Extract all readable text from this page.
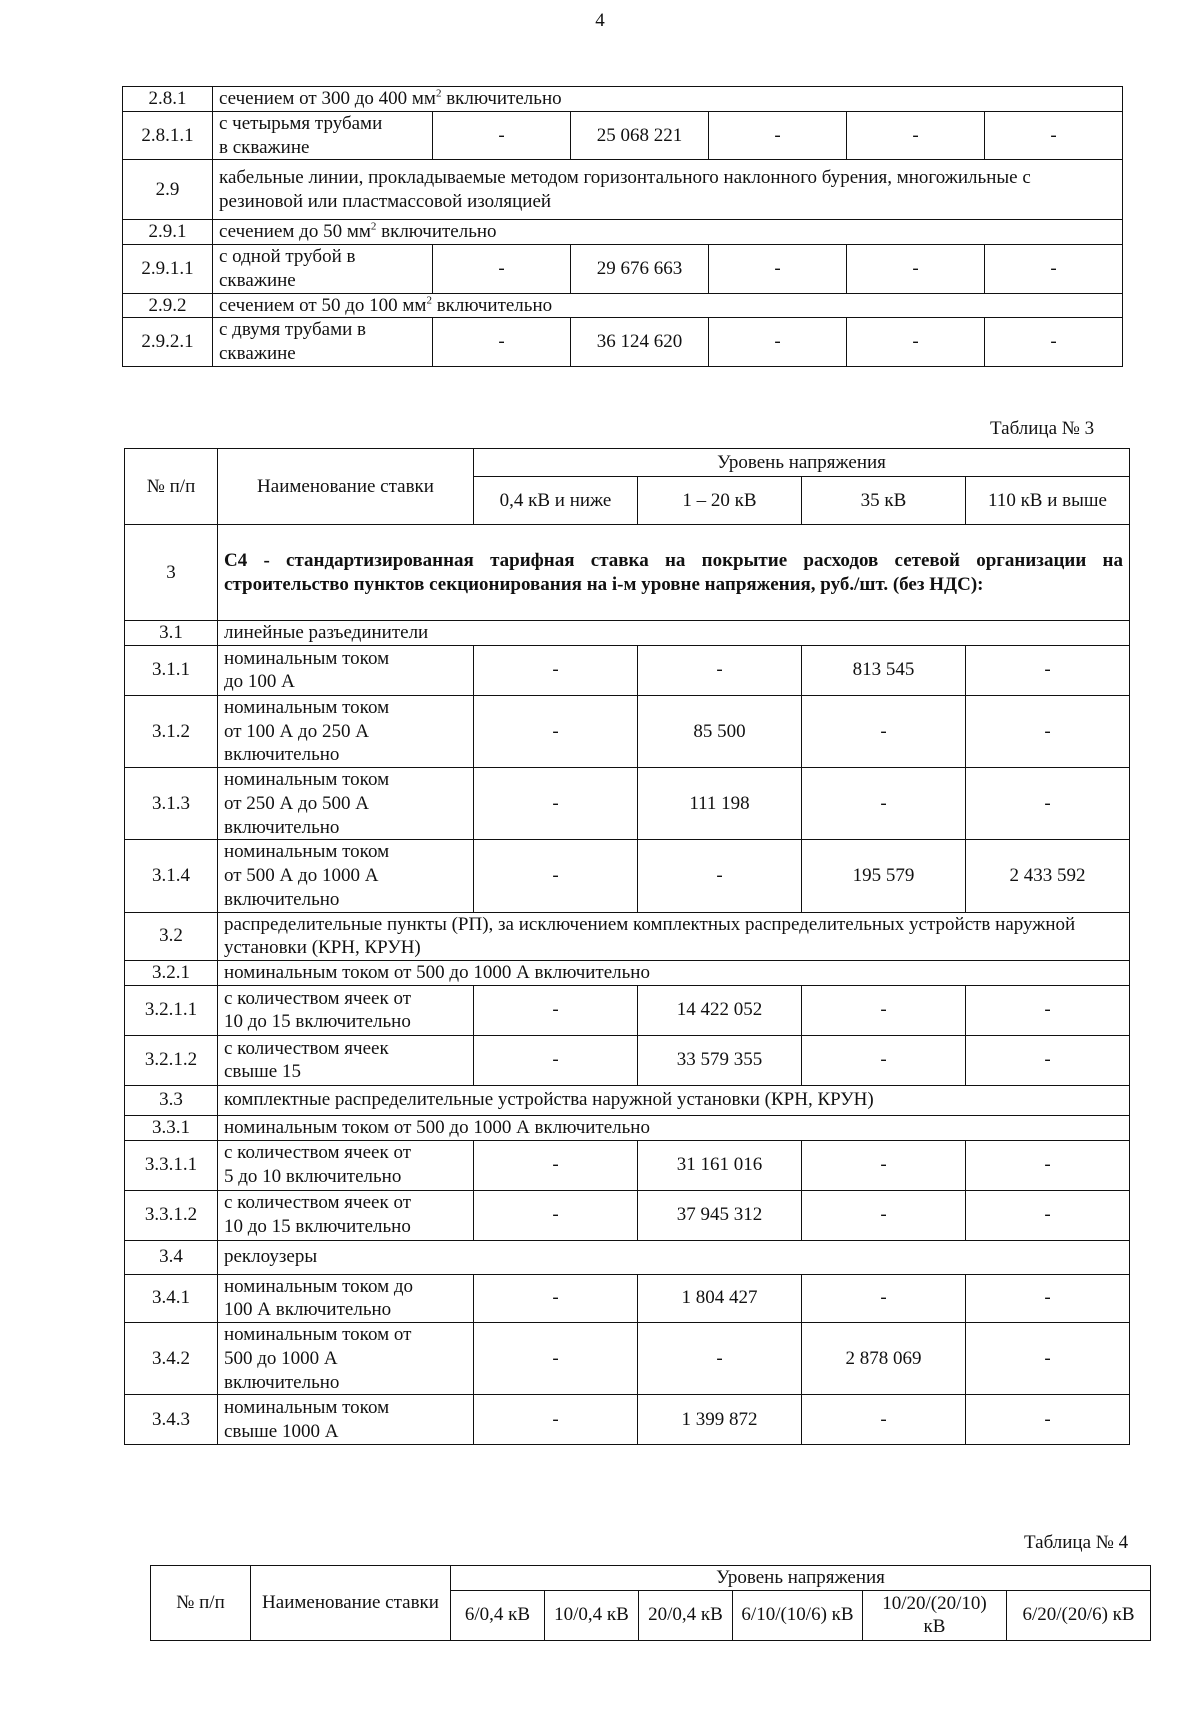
4
2.8.1	сечением от 300 до 400 $мм^2$ включительно					
2.8.1.1	с четырьмя трубами
в скважине	-	25 068 221	-	-	-
2.9	кабельные линии, прокладываемые методом горизонтального наклонного бурения, многожильные с резиновой или пластмассовой изоляцией					
2.9.1	сечением до 50 $мм^2$ включительно					
2.9.1.1	с одной трубой в
скважине	-	29 676 663	-	-	-
2.9.2	сечением от 50 до 100 $мм^2$ включительно					
2.9.2.1	с двумя трубами в
скважине	-	36 124 620	-	-	-
Таблица № 3
№ п/п	Наименование ставки	Уровень напряжения			
		0,4 кВ и ниже	1 – 20 кВ	35 кВ	110 кВ и выше
3	С4 - стандартизированная тарифная ставка на покрытие расходов сетевой организации на строительство пунктов секционирования на i-м уровне напряжения, руб./шт. (без НДС):				
3.1	линейные разъединители				
3.1.1	номинальным током
до 100 А	-	-	813 545	-
3.1.2	номинальным током
от 100 А до 250 А
включительно	-	85 500	-	-
3.1.3	номинальным током
от 250 А до 500 А
включительно	-	111 198	-	-
3.1.4	номинальным током
от 500 А до 1000 А
включительно	-	-	195 579	2 433 592
3.2	распределительные пункты (РП), за исключением комплектных распределительных устройств наружной установки (КРН, КРУН)				
3.2.1	номинальным током от 500 до 1000 А включительно				
3.2.1.1	с количеством ячеек от
10 до 15 включительно	-	14 422 052	-	-
3.2.1.2	с количеством ячеек
свыше 15	-	33 579 355	-	-
3.3	комплектные распределительные устройства наружной установки (КРН, КРУН)				
3.3.1	номинальным током от 500 до 1000 А включительно				
3.3.1.1	с количеством ячеек от
5 до 10 включительно	-	31 161 016	-	-
3.3.1.2	с количеством ячеек от
10 до 15 включительно	-	37 945 312	-	-
3.4	реклоузеры				
3.4.1	номинальным током до
100 А включительно	-	1 804 427	-	-
3.4.2	номинальным током от
500 до 1000 А
включительно	-	-	2 878 069	-
3.4.3	номинальным током
свыше 1000 А	-	1 399 872	-	-
Таблица № 4
№ п/п	Наименование ставки	Уровень напряжения					
		6/0,4 кВ	10/0,4 кВ	20/0,4 кВ	6/10/(10/6) кВ	10/20/(20/10) кВ	6/20/(20/6) кВ
